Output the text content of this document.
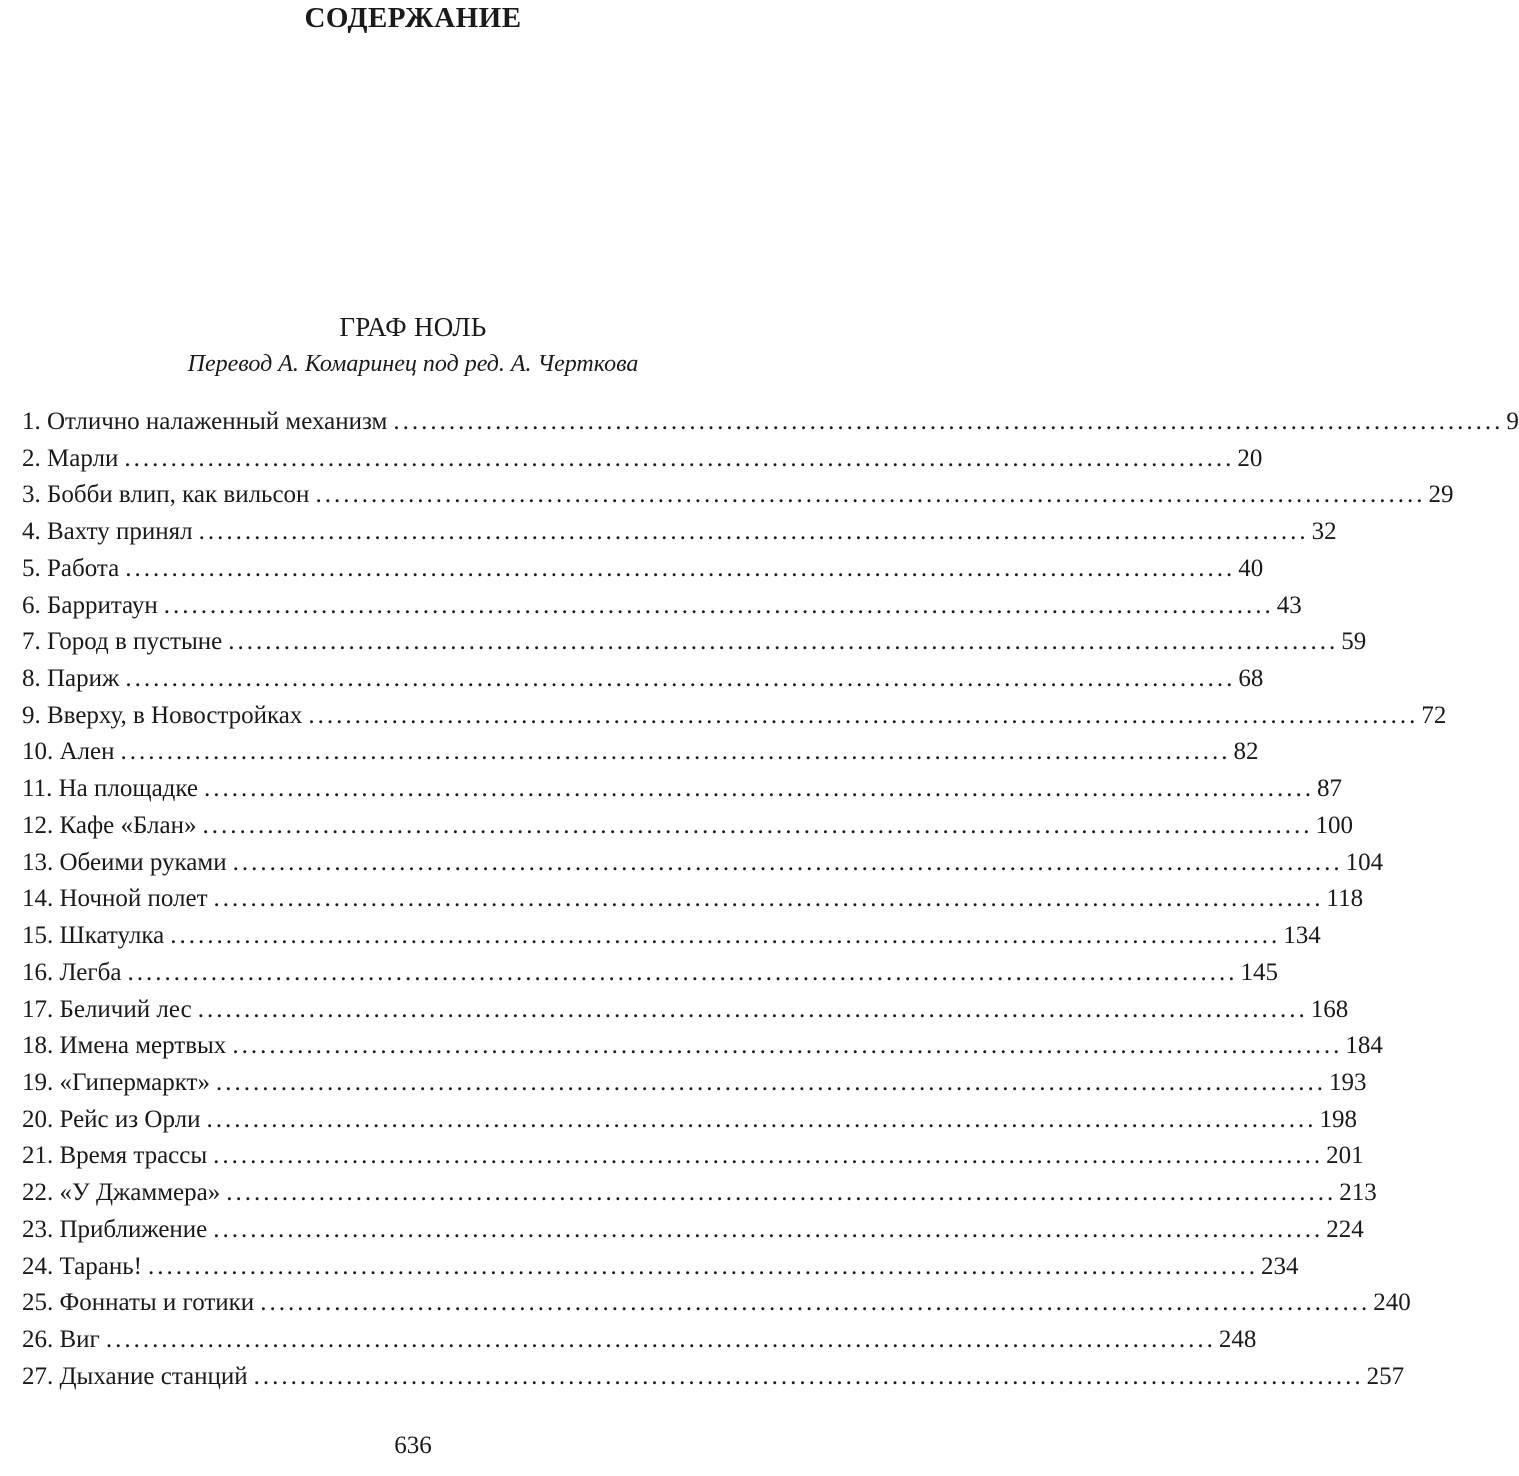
СОДЕРЖАНИЕ
ГРАФ НОЛЬ
Перевод А. Комаринец под ред. А. Черткова
1. Отлично налаженный механизм ........................................................................................................................ 9
2. Марли ........................................................................................................................ 20
3. Бобби влип, как вильсон ........................................................................................................................ 29
4. Вахту принял ........................................................................................................................ 32
5. Работа ........................................................................................................................ 40
6. Барритаун ........................................................................................................................ 43
7. Город в пустыне ........................................................................................................................ 59
8. Париж ........................................................................................................................ 68
9. Вверху, в Новостройках ........................................................................................................................ 72
10. Ален ........................................................................................................................ 82
11. На площадке ........................................................................................................................ 87
12. Кафе «Блан» ........................................................................................................................ 100
13. Обеими руками ........................................................................................................................ 104
14. Ночной полет ........................................................................................................................ 118
15. Шкатулка ........................................................................................................................ 134
16. Легба ........................................................................................................................ 145
17. Беличий лес ........................................................................................................................ 168
18. Имена мертвых ........................................................................................................................ 184
19. «Гипермаркт» ........................................................................................................................ 193
20. Рейс из Орли ........................................................................................................................ 198
21. Время трассы ........................................................................................................................ 201
22. «У Джаммера» ........................................................................................................................ 213
23. Приближение ........................................................................................................................ 224
24. Тарань! ........................................................................................................................ 234
25. Фоннаты и готики ........................................................................................................................ 240
26. Виг ........................................................................................................................ 248
27. Дыхание станций ........................................................................................................................ 257
636
